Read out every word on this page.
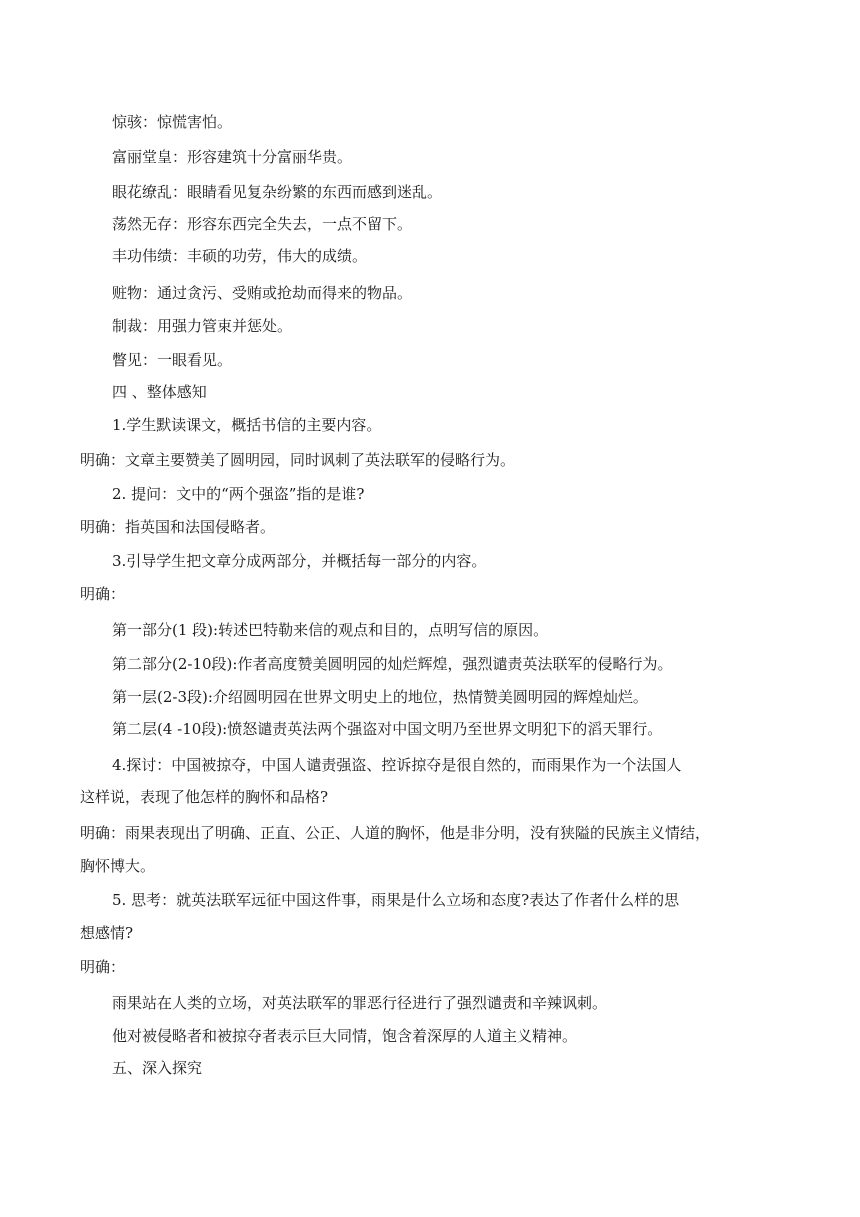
惊骇：惊慌害怕。

富丽堂皇：形容建筑十分富丽华贵。

眼花缭乱：眼睛看见复杂纷繁的东西而感到迷乱。

荡然无存：形容东西完全失去，一点不留下。

丰功伟绩：丰硕的功劳，伟大的成绩。

赃物：通过贪污、受贿或抢劫而得来的物品。

制裁：用强力管束并惩处。

瞥见：一眼看见。

四 、整体感知

1.学生默读课文，概括书信的主要内容。

明确：文章主要赞美了圆明园，同时讽刺了英法联军的侵略行为。

2. 提问：文中的“两个强盗”指的是谁?

明确：指英国和法国侵略者。

3.引导学生把文章分成两部分，并概括每一部分的内容。

明确：

第一部分(1 段):转述巴特勒来信的观点和目的，点明写信的原因。

第二部分(2-10段):作者高度赞美圆明园的灿烂辉煌，强烈谴责英法联军的侵略行为。

第一层(2-3段):介绍圆明园在世界文明史上的地位，热情赞美圆明园的辉煌灿烂。

第二层(4 -10段):愤怒谴责英法两个强盗对中国文明乃至世界文明犯下的滔天罪行。

4.探讨：中国被掠夺，中国人谴责强盗、控诉掠夺是很自然的，而雨果作为一个法国人

这样说，表现了他怎样的胸怀和品格?

明确：雨果表现出了明确、正直、公正、人道的胸怀，他是非分明，没有狭隘的民族主义情结，

胸怀博大。

5. 思考：就英法联军远征中国这件事，雨果是什么立场和态度?表达了作者什么样的思

想感情?

明确：

雨果站在人类的立场，对英法联军的罪恶行径进行了强烈谴责和辛辣讽刺。

他对被侵略者和被掠夺者表示巨大同情，饱含着深厚的人道主义精神。

五、深入探究
